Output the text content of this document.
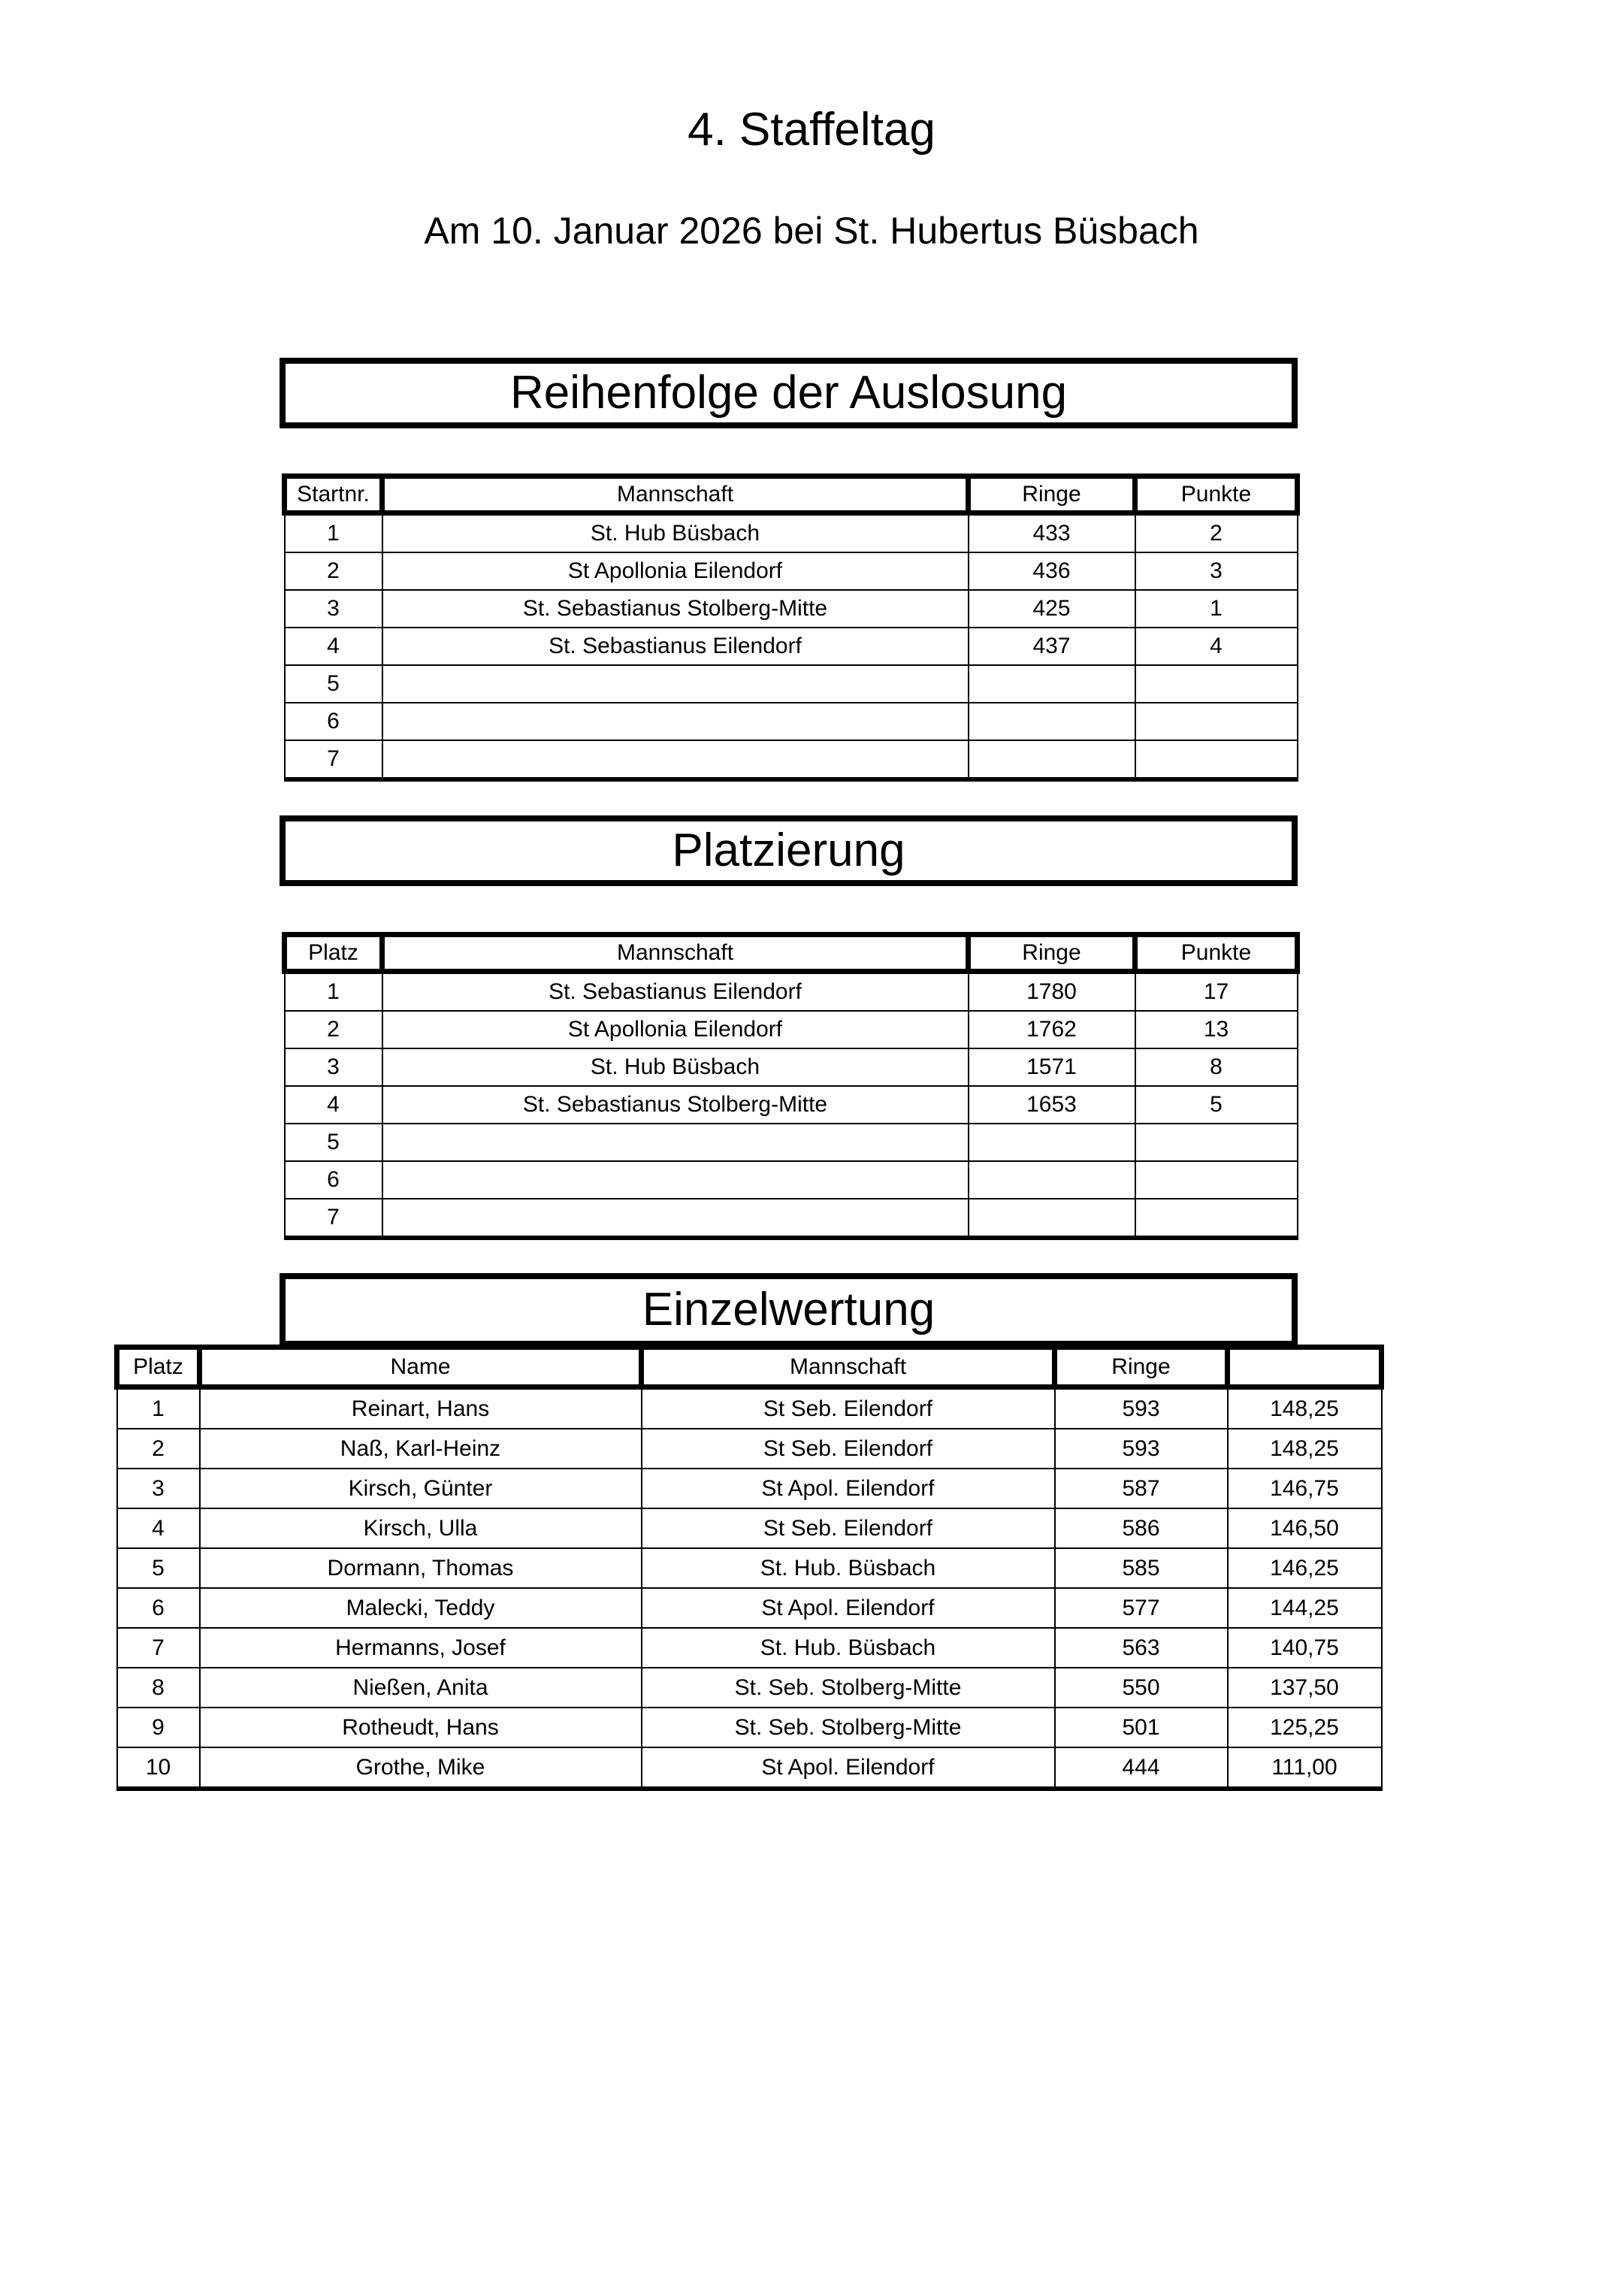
4. Staffeltag
Am 10. Januar 2026 bei St. Hubertus Büsbach
Reihenfolge der Auslosung
Startnr.	Mannschaft	Ringe	Punkte
1	St. Hub Büsbach	433	2
2	St Apollonia Eilendorf	436	3
3	St. Sebastianus Stolberg-Mitte	425	1
4	St. Sebastianus Eilendorf	437	4
5			
6			
7			
Platzierung
Platz	Mannschaft	Ringe	Punkte
1	St. Sebastianus Eilendorf	1780	17
2	St Apollonia Eilendorf	1762	13
3	St. Hub Büsbach	1571	8
4	St. Sebastianus Stolberg-Mitte	1653	5
5			
6			
7			
Einzelwertung
Platz	Name	Mannschaft	Ringe	
1	Reinart, Hans	St Seb. Eilendorf	593	148,25
2	Naß, Karl-Heinz	St Seb. Eilendorf	593	148,25
3	Kirsch, Günter	St Apol. Eilendorf	587	146,75
4	Kirsch, Ulla	St Seb. Eilendorf	586	146,50
5	Dormann, Thomas	St. Hub. Büsbach	585	146,25
6	Malecki, Teddy	St Apol. Eilendorf	577	144,25
7	Hermanns, Josef	St. Hub. Büsbach	563	140,75
8	Nießen, Anita	St. Seb. Stolberg-Mitte	550	137,50
9	Rotheudt, Hans	St. Seb. Stolberg-Mitte	501	125,25
10	Grothe, Mike	St Apol. Eilendorf	444	111,00
